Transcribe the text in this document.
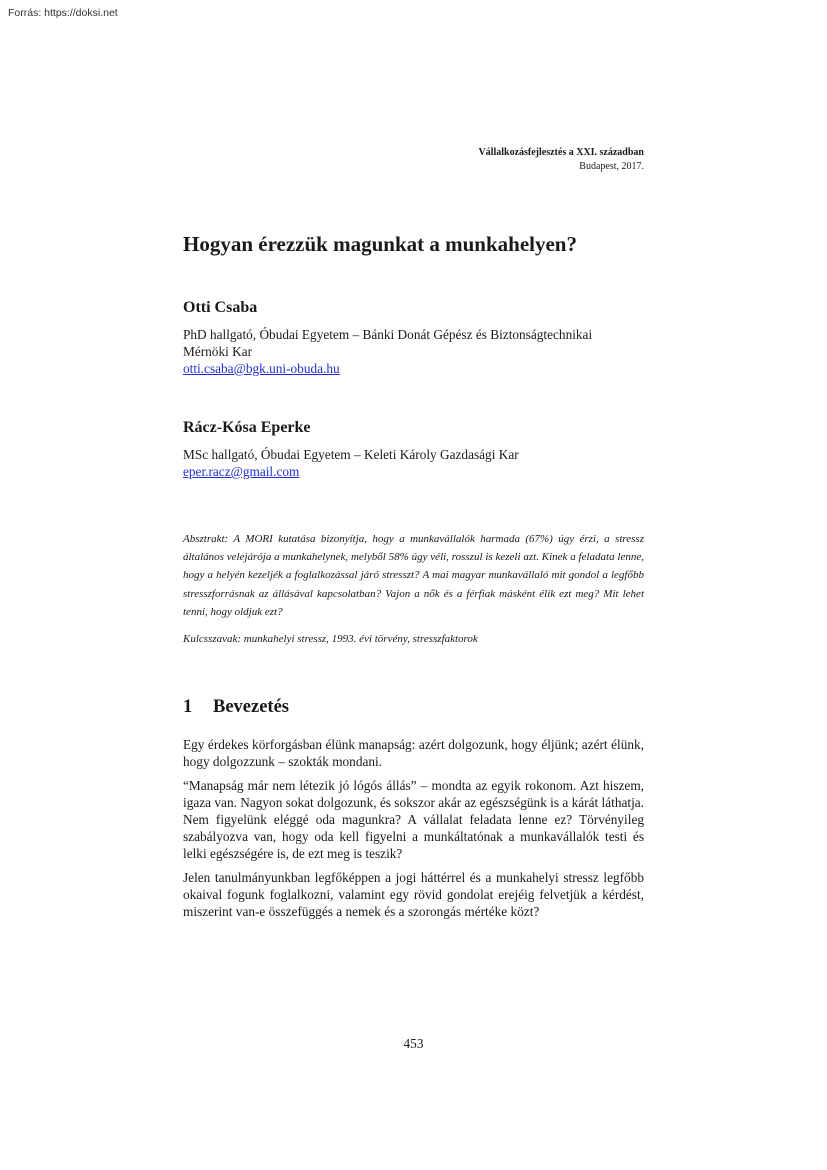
Forrás: https://doksi.net
Vállalkozásfejlesztés a XXI. században
Budapest, 2017.
Hogyan érezzük magunkat a munkahelyen?

Otti Csaba

PhD hallgató, Óbudai Egyetem – Bánki Donát Gépész és Biztonságtechnikai

Mérnöki Kar

otti.csaba@bgk.uni-obuda.hu

Rácz-Kósa Eperke

MSc hallgató, Óbudai Egyetem – Keleti Károly Gazdasági Kar

eper.racz@gmail.com

Absztrakt: A MORI kutatása bizonyítja, hogy a munkavállalók harmada (67%) úgy érzi, a stressz általános velejárója a munkahelynek, melyből 58% úgy véli, rosszul is kezeli azt. Kinek a feladata lenne, hogy a helyén kezeljék a foglalkozással járó stresszt? A mai magyar munkavállaló mit gondol a legfőbb stresszforrásnak az állásával kapcsolatban? Vajon a nők és a férfiak másként élik ezt meg? Mit lehet tenni, hogy oldjuk ezt?

Kulcsszavak: munkahelyi stressz, 1993. évi törvény, stresszfaktorok

1 Bevezetés

Egy érdekes körforgásban élünk manapság: azért dolgozunk, hogy éljünk; azért élünk, hogy dolgozzunk – szokták mondani.

“Manapság már nem létezik jó lógós állás” – mondta az egyik rokonom. Azt hiszem, igaza van. Nagyon sokat dolgozunk, és sokszor akár az egészségünk is a kárát láthatja. Nem figyelünk eléggé oda magunkra? A vállalat feladata lenne ez? Törvényileg szabályozva van, hogy oda kell figyelni a munkáltatónak a munkavállalók testi és lelki egészségére is, de ezt meg is teszik?

Jelen tanulmányunkban legfőképpen a jogi háttérrel és a munkahelyi stressz legfőbb okaival fogunk foglalkozni, valamint egy rövid gondolat erejéig felvetjük a kérdést, miszerint van-e összefüggés a nemek és a szorongás mértéke közt?

453
